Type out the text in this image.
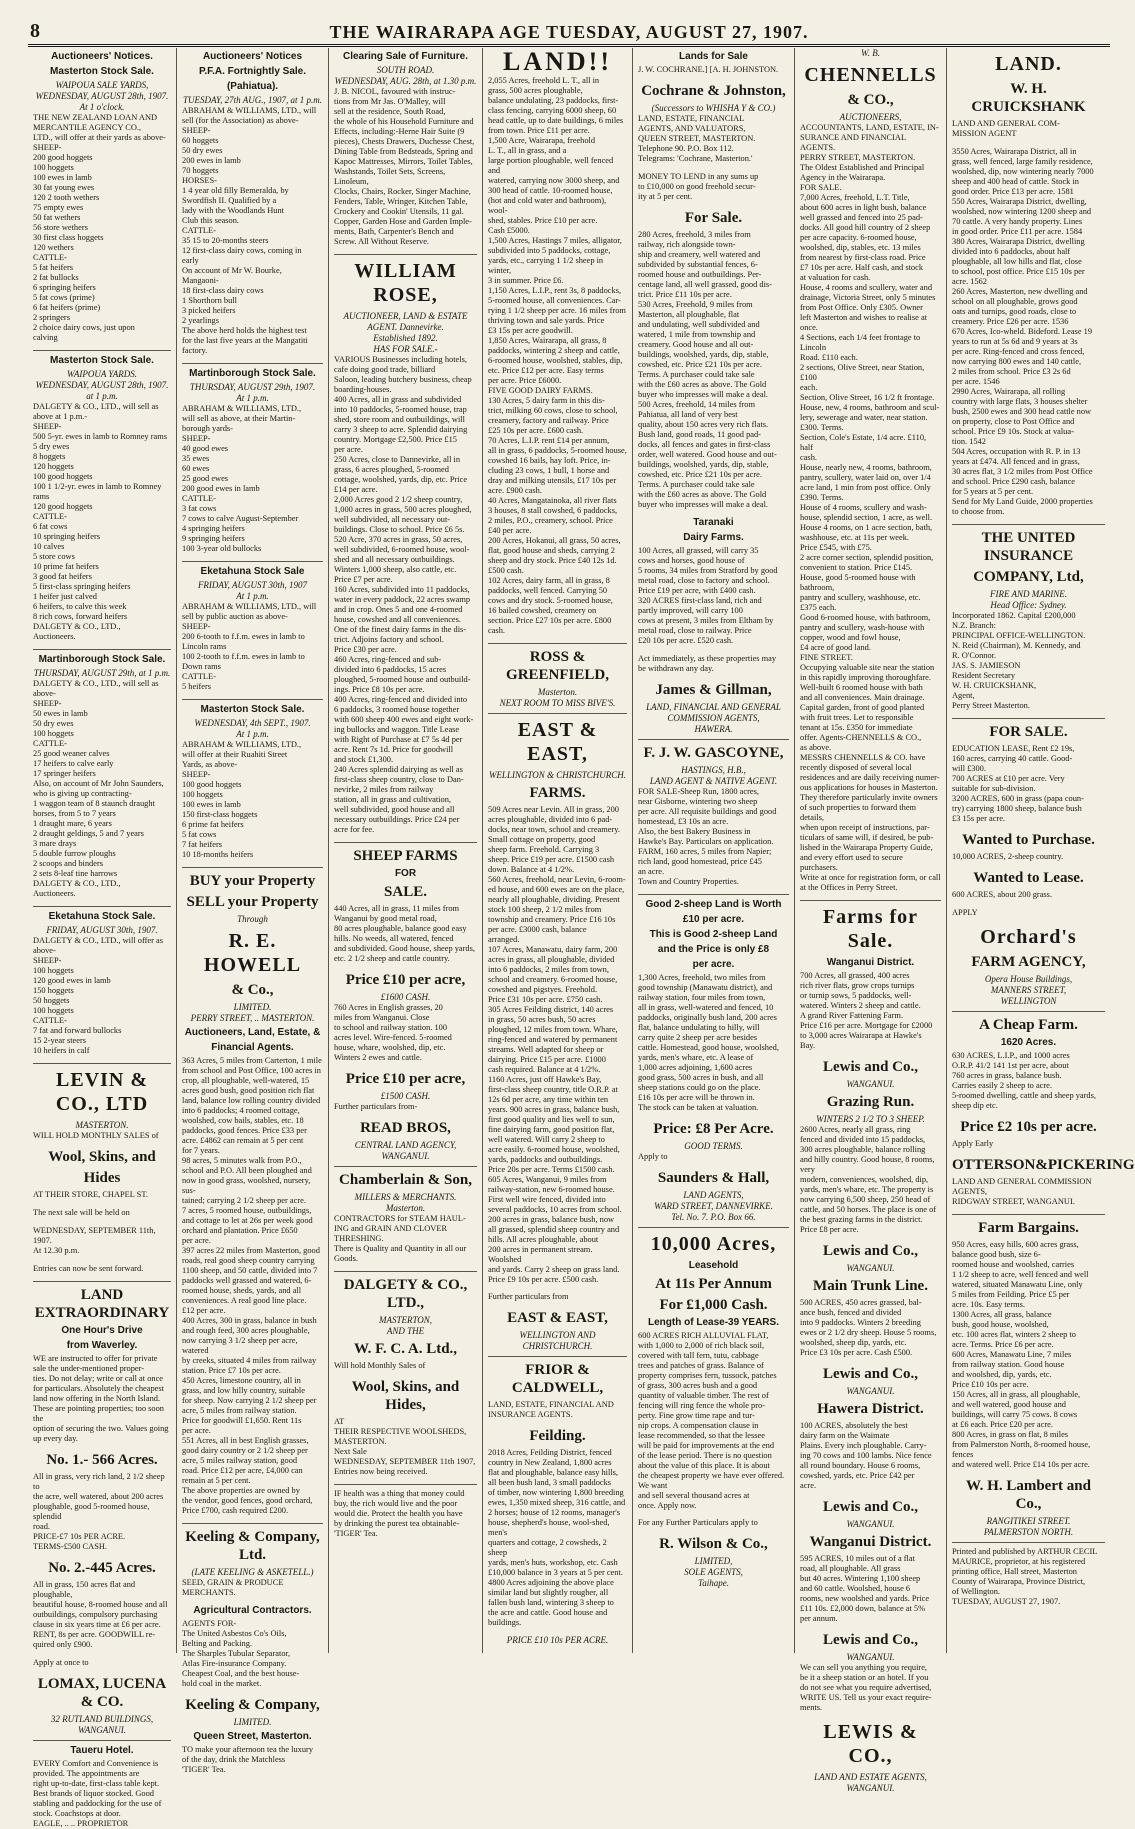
8	THE WAIRARAPA AGE TUESDAY, AUGUST 27, 1907.
Auctioneers' Notices.
Masterton Stock Sale.
WAIPOUA SALE YARDS,
WEDNESDAY, AUGUST 28th, 1907.
At 1 o'clock.
THE NEW ZEALAND LOAN AND
MERCANTILE AGENCY CO.,
LTD., will offer at their yards as above-
SHEEP-
200 good hoggets
100 hoggets
100 ewes in lamb
30 fat young ewes
120 2 tooth wethers
75 empty ewes
50 fat wethers
56 store wethers
30 first class hoggets
120 wethers
CATTLE-
5 fat heifers
2 fat bullocks
6 springing heifers
5 fat cows (prime)
6 fat heifers (prime)
2 springers
2 choice dairy cows, just upon
calving
Masterton Stock Sale.
WAIPOUA YARDS.
WEDNESDAY, AUGUST 28th, 1907.
at 1 p.m.
DALGETY & CO., LTD., will sell as
above at 1 p.m.-
SHEEP-
500 5-yr. ewes in lamb to Romney rams
5 dry ewes
8 hoggets
120 hoggets
100 good hoggets
100 1 1/2-yr. ewes in lamb to Romney
rams
120 good hoggets
CATTLE-
6 fat cows
10 springing heifers
10 calves
5 store cows
10 prime fat heifers
3 good fat heifers
5 first-class springing heifers
1 heifer just calved
6 heifers, to calve this week
8 rich cows, forward heifers
DALGETY & CO., LTD.,
Auctioneers.
Martinborough Stock Sale.
THURSDAY, AUGUST 29th, at 1 p.m.
DALGETY & CO., LTD., will sell as
above-
SHEEP-
50 ewes in lamb
50 dry ewes
100 hoggets
CATTLE-
25 good weaner calves
17 heifers to calve early
17 springer heifers
Also, on account of Mr John Saunders,
who is giving up contracting-
1 waggon team of 8 staunch draught
horses, from 5 to 7 years
1 draught mare, 6 years
2 draught geldings, 5 and 7 years
3 mare drays
5 double furrow ploughs
2 scoops and binders
2 sets 8-leaf tine harrows
DALGETY & CO., LTD.,
Auctioneers.
Eketahuna Stock Sale.
FRIDAY, AUGUST 30th, 1907.
DALGETY & CO., LTD., will offer as
above-
SHEEP-
100 hoggets
120 good ewes in lamb
150 hoggets
50 hoggets
100 hoggets
CATTLE-
7 fat and forward bullocks
15 2-year steers
10 heifers in calf
LEVIN & CO., LTD
MASTERTON.
WILL HOLD MONTHLY SALES of
Wool, Skins, and
Hides
AT THEIR STORE, CHAPEL ST.
The next sale will be held on
WEDNESDAY, SEPTEMBER 11th, 1907.
At 12.30 p.m.
Entries can now be sent forward.
LAND EXTRAORDINARY
One Hour's Drive
from Waverley.
WE are instructed to offer for private
sale the under-mentioned proper-
ties. Do not delay; write or call at once
for particulars. Absolutely the cheapest
land now offering in the North Island.
These are pointing properties; too soon the
option of securing the two. Values going
up every day.
No. 1.- 566 Acres.
All in grass, very rich land, 2 1/2 sheep to
the acre, well watered, about 200 acres
ploughable, good 5-roomed house, splendid
road.
PRICE-£7 10s PER ACRE.
TERMS-£500 CASH.
No. 2.-445 Acres.
All in grass, 150 acres flat and ploughable,
beautiful house, 8-roomed house and all
outbuildings, compulsory purchasing
clause in six years time at £6 per acre.
RENT, 8s per acre. GOODWILL re-
quired only £900.
Apply at once to
LOMAX, LUCENA & CO.
32 RUTLAND BUILDINGS,
WANGANUI.
Taueru Hotel.
EVERY Comfort and Convenience is
provided. The appointments are
right up-to-date, first-class table kept.
Best brands of liquor stocked. Good
stabling and paddocking for the use of
stock. Coachstops at door.
EAGLE, .. .. PROPRIETOR
Auctioneers' Notices
P.F.A. Fortnightly Sale.
(Pahiatua).
TUESDAY, 27th AUG., 1907, at 1 p.m.
ABRAHAM & WILLIAMS, LTD., will
sell (for the Association) as above-
SHEEP-
60 hoggets
50 dry ewes
200 ewes in lamb
70 hoggets
HORSES-
1 4 year old filly Bemeralda, by
Swordfish II. Qualified by a
lady with the Woodlands Hunt
Club this season.
CATTLE-
35 15 to 20-months steers
12 first-class dairy cows, coming in
early
On account of Mr W. Bourke,
Mangaoni-
18 first-class dairy cows
1 Shorthorn bull
3 picked heifers
2 yearlings
The above herd holds the highest test
for the last five years at the Mangatiti
factory.
Martinborough Stock Sale.
THURSDAY, AUGUST 29th, 1907.
At 1 p.m.
ABRAHAM & WILLIAMS, LTD.,
will sell as above, at their Martin-
borough yards-
SHEEP-
40 good ewes
35 ewes
60 ewes
25 good ewes
200 good ewes in lamb
CATTLE-
3 fat cows
7 cows to calve August-September
4 springing heifers
9 springing heifers
100 3-year old bullocks
Eketahuna Stock Sale
FRIDAY, AUGUST 30th, 1907
At 1 p.m.
ABRAHAM & WILLIAMS, LTD., will
sell by public auction as above-
SHEEP-
200 6-tooth to f.f.m. ewes in lamb to
Lincoln rams
100 2-tooth to f.f.m. ewes in lamb to
Down rams
CATTLE-
5 heifers
Masterton Stock Sale.
WEDNESDAY, 4th SEPT., 1907.
At 1 p.m.
ABRAHAM & WILLIAMS, LTD.,
will offer at their Ruahiti Street
Yards, as above-
SHEEP-
100 good hoggets
100 hoggets
100 ewes in lamb
150 first-class hoggets
6 prime fat heifers
5 fat cows
7 fat heifers
10 18-months heifers
BUY your Property
SELL your Property
Through
R. E. HOWELL
& Co.,
LIMITED.
PERRY STREET, .. MASTERTON.
Auctioneers, Land, Estate, &
Financial Agents.
363 Acres, 5 miles from Carterton, 1 mile
from school and Post Office, 100 acres in
crop, all ploughable, well-watered, 15
acres good bush, good position rich flat
land, balance low rolling country divided
into 6 paddocks; 4 roomed cottage,
woolshed, cow bails, stables, etc. 18
paddocks, good fences. Price £33 per
acre. £4862 can remain at 5 per cent
for 7 years.
98 acres, 5 minutes walk from P.O.,
school and P.O. All been ploughed and
now in good grass, woolshed, nursery, sus-
tained; carrying 2 1/2 sheep per acre.
7 acres, 5 roomed house, outbuildings,
and cottage to let at 26s per week good
orchard and plantation. Price £650
per acre.
397 acres 22 miles from Masterton, good
roads, real good sheep country carrying
1100 sheep, and 50 cattle, divided into 7
paddocks well grassed and watered, 6-
roomed house, sheds, yards, and all
conveniences. A real good line place.
£12 per acre.
400 Acres, 300 in grass, balance in bush
and rough feed, 300 acres ploughable,
now carrying 3 1/2 sheep per acre, watered
by creeks, situated 4 miles from railway
station. Price £7 10s per acre.
450 Acres, limestone country, all in
grass, and low hilly country, suitable
for sheep. Now carrying 2 1/2 sheep per
acre, 5 miles from railway station.
Price for goodwill £1,650. Rent 11s
per acre.
551 Acres, all in best English grasses,
good dairy country or 2 1/2 sheep per
acre, 5 miles railway station, good
road. Price £12 per acre, £4,000 can
remain at 5 per cent.
The above properties are owned by
the vendor, good fences, good orchard,
Price £700, cash required £200.
Keeling & Company, Ltd.
(LATE KEELING & ASKETELL.)
SEED, GRAIN & PRODUCE
MERCHANTS.
Agricultural Contractors.
AGENTS FOR-
The United Asbestos Co's Oils,
Belting and Packing.
The Sharples Tubular Separator,
Atlas Fire-insurance Company.
Cheapest Coal, and the best house-
hold coal in the market.
Keeling & Company,
LIMITED.
Queen Street, Masterton.
TO make your afternoon tea the luxury
of the day, drink the Matchless
'TIGER' Tea.
Clearing Sale of Furniture.
SOUTH ROAD.
WEDNESDAY, AUG. 28th, at 1.30 p.m.
J. B. NICOL, favoured with instruc-
tions from Mr Jas. O'Malley, will
sell at the residence, South Road,
the whole of his Household Furniture and
Effects, including:-Herne Hair Suite (9
pieces), Chests Drawers, Duchesse Chest,
Dining Table from Bedsteads, Spring and
Kapoc Mattresses, Mirrors, Toilet Tables,
Washstands, Toilet Sets, Screens, Linoleum,
Clocks, Chairs, Rocker, Singer Machine,
Fenders, Table, Wringer, Kitchen Table,
Crockery and Cookin' Utensils, 11 gal.
Copper, Garden Hose and Garden Imple-
ments, Bath, Carpenter's Bench and
Screw. All Without Reserve.
WILLIAM ROSE,
AUCTIONEER, LAND & ESTATE
AGENT. Dannevirke.
Established 1892.
HAS FOR SALE.-
VARIOUS Businesses including hotels,
cafe doing good trade, billiard
Saloon, leading butchery business, cheap
boarding-houses.
400 Acres, all in grass and subdivided
into 10 paddocks, 5-roomed house, trap
shed, store room and outbuildings, will
carry 3 sheep to acre. Splendid dairying
country. Mortgage £2,500. Price £15
per acre.
250 Acres, close to Dannevirke, all in
grass, 6 acres ploughed, 5-roomed
cottage, woolshed, yards, dip, etc. Price
£14 per acre.
2,000 Acres good 2 1/2 sheep country,
1,000 acres in grass, 500 acres ploughed,
well subdivided, all necessary out-
buildings. Close to school. Price £6 5s.
520 Acre, 370 acres in grass, 50 acres,
well subdivided, 6-roomed house, wool-
shed and all necessary outbuildings.
Winters 1,000 sheep, also cattle, etc.
Price £7 per acre.
160 Acres, subdivided into 11 paddocks,
water in every paddock, 22 acres swamp
and in crop. Ones 5 and one 4-roomed
house, cowshed and all conveniences.
One of the finest dairy farms in the dis-
trict. Adjoins factory and school.
Price £30 per acre.
460 Acres, ring-fenced and sub-
divided into 6 paddocks, 15 acres
ploughed, 5-roomed house and outbuild-
ings. Price £8 10s per acre.
400 Acres, ring-fenced and divided into
6 paddocks, 3 roomed house together
with 600 sheep 400 ewes and eight work-
ing bullocks and waggon. Title Lease
with Right of Purchase at £7 5s 4d per
acre. Rent 7s 1d. Price for goodwill
and stock £1,300.
240 Acres splendid dairying as well as
first-class sheep country, close to Dan-
nevirke, 2 miles from railway
station, all in grass and cultivation,
well subdivided, good house and all
necessary outbuildings. Price £24 per
acre for fee.
SHEEP FARMS
FOR
SALE.
440 Acres, all in grass, 11 miles from
Wanganui by good metal road,
80 acres ploughable, balance good easy
hills. No weeds, all watered, fenced
and subdivided. Good house, sheep yards,
etc. 2 1/2 sheep and cattle country.
Price £10 per acre,
£1600 CASH.
760 Acres in English grasses, 20
miles from Wanganui. Close
to school and railway station. 100
acres level. Wire-fenced. 5-roomed
house, whare, woolshed, dip, etc.
Winters 2 ewes and cattle.
Price £10 per acre,
£1500 CASH.
Further particulars from-
READ BROS,
CENTRAL LAND AGENCY,
WANGANUI.
Chamberlain & Son,
MILLERS & MERCHANTS.
Masterton.
CONTRACTORS for STEAM HAUL-
ING and GRAIN AND CLOVER
THRESHING.
There is Quality and Quantity in all our
Goods.
DALGETY & CO., LTD.,
MASTERTON,
AND THE
W. F. C. A. Ltd.,
Will hold Monthly Sales of
Wool, Skins, and Hides,
AT
THEIR RESPECTIVE WOOLSHEDS,
MASTERTON.
Next Sale
WEDNESDAY, SEPTEMBER 11th 1907,
Entries now being received.
IF health was a thing that money could
buy, the rich would live and the poor
would die. Protect the health you have
by drinking the purest tea obtainable-
'TIGER' Tea.
LAND!!
2,055 Acres, freehold L. T., all in
grass, 500 acres ploughable,
balance undulating, 23 paddocks, first-
class fencing, carrying 6000 sheep, 60
head cattle, up to date buildings, 6 miles
from town. Price £11 per acre.
1,500 Acre, Wairarapa, freehold
L. T., all in grass, and a
large portion ploughable, well fenced and
watered, carrying now 3000 sheep, and
300 head of cattle. 10-roomed house,
(hot and cold water and bathroom), wool-
shed, stables. Price £10 per acre.
Cash £5000.
1,500 Acres, Hastings 7 miles, alligator,
subdivided into 5 paddocks, cottage,
yards, etc., carrying 1 1/2 sheep in winter,
3 in summer. Price £6.
1,150 Acres, L.I.P., rent 3s, 8 paddocks,
5-roomed house, all conveniences. Car-
rying 1 1/2 sheep per acre. 16 miles from
thriving town and sale yards. Price
£3 15s per acre goodwill.
1,850 Acres, Wairarapa, all grass, 8
paddocks, wintering 2 sheep and cattle,
6-roomed house, woolshed, stables, dip,
etc. Price £12 per acre. Easy terms
per acre. Price £6000.
FIVE GOOD DAIRY FARMS.
130 Acres, 5 dairy farm in this dis-
trict, milking 60 cows, close to school,
creamery, factory and railway. Price
£25 10s per acre. £600 cash.
70 Acres, L.I.P. rent £14 per annum,
all in grass, 6 paddocks, 5-roomed house,
cowshed 16 bails, hay loft. Price, in-
cluding 23 cows, 1 bull, 1 horse and
dray and milking utensils, £17 10s per
acre. £900 cash.
40 Acres, Mangatainoka, all river flats
3 houses, 8 stall cowshed, 6 paddocks,
2 miles, P.O., creamery, school. Price
£40 per acre.
200 Acres, Hokanui, all grass, 50 acres,
flat, good house and sheds, carrying 2
sheep and dry stock. Price £40 12s 1d.
£500 cash.
102 Acres, dairy farm, all in grass, 8
paddocks, well fenced. Carrying 50
cows and dry stock. 5-roomed house,
16 bailed cowshed, creamery on
section. Price £27 10s per acre. £800 cash.
ROSS & GREENFIELD,
Masterton.
NEXT ROOM TO MISS BIVE'S.
EAST & EAST,
WELLINGTON & CHRISTCHURCH.
FARMS.
509 Acres near Levin. All in grass, 200
acres ploughable, divided into 6 pad-
docks, near town, school and creamery.
Small cottage on property, good
sheep farm. Freehold. Carrying 3
sheep. Price £19 per acre. £1500 cash
down. Balance at 4 1/2%.
560 Acres, freehold, near Levin, 6-room-
ed house, and 600 ewes are on the place,
nearly all ploughable, dividing. Present
stock 100 sheep, 2 1/2 miles from
township and creamery. Price £16 10s
per acre. £3000 cash, balance
arranged.
107 Acres, Manawatu, dairy farm, 200
acres in grass, all ploughable, divided
into 6 paddocks, 2 miles from town,
school and creamery. 6-roomed house,
cowshed and pigstyes. Freehold.
Price £31 10s per acre. £750 cash.
305 Acres Feilding district, 140 acres
in grass, 50 acres bush, 50 acres
ploughed, 12 miles from town. Whare,
ring-fenced and watered by permanent
streams. Well adapted for sheep or
dairying. Price £15 per acre. £1000
cash required. Balance at 4 1/2%.
1160 Acres, just off Hawke's Bay,
first-class sheep country, title O.R.P. at
12s 6d per acre, any time within ten
years. 900 acres in grass, balance bush,
first good quality and lies well to sun,
fine dairying farm, good position flat,
well watered. Will carry 2 sheep to
acre easily. 6-roomed house, woolshed,
yards, paddocks and outbuildings.
Price 20s per acre. Terms £1500 cash.
605 Acres, Wanganui, 9 miles from
railway-station, new 6-roomed house.
First well wire fenced, divided into
several paddocks, 10 acres from school.
200 acres in grass, balance bush, now
all grassed, splendid sheep country and
hills. All acres ploughable, about
200 acres in permanent stream. Woolshed
and yards. Carry 2 sheep on grass land.
Price £9 10s per acre. £500 cash.
Further particulars from
EAST & EAST,
WELLINGTON AND CHRISTCHURCH.
FRIOR & CALDWELL,
LAND, ESTATE, FINANCIAL AND
INSURANCE AGENTS.
Feilding.
2018 Acres, Feilding District, fenced
country in New Zealand, 1,800 acres
flat and ploughable, balance easy hills,
all been bush land, 3 small paddocks
of timber, now wintering 1,800 breeding
ewes, 1,350 mixed sheep, 316 cattle, and
2 horses; house of 12 rooms, manager's
house, shepherd's house, wool-shed, men's
quarters and cottage, 2 cowsheds, 2 sheep
yards, men's huts, workshop, etc. Cash
£10,000 balance in 3 years at 5 per cent.
4800 Acres adjoining the above place
similar land but slightly rougher, all
fallen bush land, wintering 3 sheep to
the acre and cattle. Good house and
buildings.
PRICE £10 10s PER ACRE.
Lands for Sale
J. W. COCHRANE.] [A. H. JOHNSTON.
Cochrane & Johnston,
(Successors to WHISHA Y & CO.)
LAND, ESTATE, FINANCIAL
AGENTS, AND VALUATORS,
QUEEN STREET, MASTERTON.
Telephone 90. P.O. Box 112.
Telegrams: 'Cochrane, Masterton.'
MONEY TO LEND in any sums up
to £10,000 on good freehold secur-
ity at 5 per cent.
For Sale.
280 Acres, freehold, 3 miles from
railway, rich alongside town-
ship and creamery, well watered and
subdivided by substantial fences, 6-
roomed house and outbuildings. Per-
centage land, all well grassed, good dis-
trict. Price £11 10s per acre.
530 Acres, Freehold, 9 miles from
Masterton, all ploughable, flat
and undulating, well subdivided and
watered, 1 mile from township and
creamery. Good house and all out-
buildings, woolshed, yards, dip, stable,
cowshed, etc. Price £21 10s per acre.
Terms. A purchaser could take sale
with the £60 acres as above. The Gold
buyer who impresses will make a deal.
500 Acres, freehold, 14 miles from
Pahiatua, all land of very best
quality, about 150 acres very rich flats.
Bush land, good roads, 11 good pad-
docks, all fences and gates in first-class
order, well watered. Good house and out-
buildings, woolshed, yards, dip, stable,
cowshed, etc. Price £21 10s per acre.
Terms. A purchaser could take sale
with the £60 acres as above. The Gold
buyer who impresses will make a deal.
Taranaki
Dairy Farms.
100 Acres, all grassed, will carry 35
cows and horses, good house of
5 rooms, 34 miles from Stratford by good
metal road, close to factory and school.
Price £19 per acre, with £400 cash.
320 ACRES first-class land, rich and
partly improved, will carry 100
cows at present, 3 miles from Eltham by
metal road, close to railway. Price
£20 10s per acre. £520 cash.
Act immediately, as these properties may
be withdrawn any day.
James & Gillman,
LAND, FINANCIAL AND GENERAL
COMMISSION AGENTS,
HAWERA.
F. J. W. GASCOYNE,
HASTINGS, H.B.,
LAND AGENT & NATIVE AGENT.
FOR SALE-Sheep Run, 1800 acres,
near Gisborne, wintering two sheep
per acre. All requisite buildings and good
homestead, £3 10s an acre.
Also, the best Bakery Business in
Hawke's Bay. Particulars on application.
FARM, 160 acres, 5 miles from Napier;
rich land, good homestead, price £45
an acre.
Town and Country Properties.
Good 2-sheep Land is Worth
£10 per acre.
This is Good 2-sheep Land
and the Price is only £8
per acre.
1,300 Acres, freehold, two miles from
good township (Manawatu district), and
railway station, four miles from town,
all in grass, well-watered and fenced, 10
paddocks, originally bush land, 200 acres
flat, balance undulating to hilly, will
carry quite 2 sheep per acre besides
cattle. Homestead, good house, woolshed,
yards, men's whare, etc. A lease of
1,000 acres adjoining, 1,600 acres
good grass, 500 acres in bush, and all
sheep stations could go on the place.
£16 10s per acre will be thrown in.
The stock can be taken at valuation.
Price: £8 Per Acre.
GOOD TERMS.
Apply to
Saunders & Hall,
LAND AGENTS,
WARD STREET, DANNEVIRKE.
Tel. No. 7. P.O. Box 66.
10,000 Acres,
Leasehold
At 11s Per Annum
For £1,000 Cash.
Length of Lease-39 YEARS.
600 ACRES RICH ALLUVIAL FLAT,
with 1,000 to 2,000 of rich black soil,
covered with tall fern, tutu, cabbage
trees and patches of grass. Balance of
property comprises fern, tussock, patches
of grass, 300 acres bush and a good
quantity of valuable timber. The rest of
fencing will ring fence the whole pro-
perty. Fine grow time rape and tur-
nip crops. A compensation clause in
lease recommended, so that the lessee
will be paid for improvements at the end
of the lease period. There is no question
about the value of this place. It is about
the cheapest property we have ever offered. We want
and sell several thousand acres at
once. Apply now.
For any Further Particulars apply to
R. Wilson & Co.,
LIMITED,
SOLE AGENTS,
Taihape.
W. B.
CHENNELLS
& CO.,
AUCTIONEERS,
ACCOUNTANTS, LAND, ESTATE, IN-
SURANCE AND FINANCIAL AGENTS.
PERRY STREET, MASTERTON.
The Oldest Established and Principal
Agency in the Wairarapa.
FOR SALE.
7,000 Acres, freehold, L.T. Title,
about 600 acres in light bush, balance
well grassed and fenced into 25 pad-
docks. All good hill country of 2 sheep
per acre capacity. 6-roomed house,
woolshed, dip, stables, etc. 13 miles
from nearest by first-class road. Price
£7 10s per acre. Half cash, and stock
at valuation for cash.
House, 4 rooms and scullery, water and
drainage, Victoria Street, only 5 minutes
from Post Office. Only £305. Owner
left Masterton and wishes to realise at
once.
4 Sections, each 1/4 feet frontage to Lincoln
Road. £110 each.
2 sections, Olive Street, near Station, £100
each.
Section, Olive Street, 16 1/2 ft frontage.
House, new, 4 rooms, bathroom and scul-
lery, sewerage and water, near station.
£300. Terms.
Section, Cole's Estate, 1/4 acre. £110, half
cash.
House, nearly new, 4 rooms, bathroom,
pantry, scullery, water laid on, over 1/4
acre land, 1 min from post office. Only
£390. Terms.
House of 4 rooms, scullery and wash-
house, splendid section, 1 acre, as well.
House 4 rooms, on 1 acre section, bath,
washhouse, etc. at 11s per week.
Price £545, with £75.
2 acre corner section, splendid position,
convenient to station. Price £145.
House, good 5-roomed house with bathroom,
pantry and scullery, washhouse, etc.
£375 each.
Good 6-roomed house, with bathroom,
pantry and scullery, wash-house with
copper, wood and fowl house,
£4 acre of good land.
FINE STREET.
Occupying valuable site near the station
in this rapidly improving thoroughfare.
Well-built 6 roomed house with bath
and all conveniences. Main drainage.
Capital garden, front of good planted
with fruit trees. Let to responsible
tenant at 15s. £350 for immediate
offer. Agents-CHENNELLS & CO.,
as above.
MESSRS CHENNELLS & CO. have
recently disposed of several local
residences and are daily receiving numer-
ous applications for houses in Masterton.
They therefore particularly invite owners
of such properties to forward them details,
when upon receipt of instructions, par-
ticulars of same will, if desired, be pub-
lished in the Wairarapa Property Guide,
and every effort used to secure purchasers.
Write at once for registration form, or call
at the Offices in Perry Street.
Farms for Sale.
Wanganui District.
700 Acres, all grassed, 400 acres
rich river flats, grow crops turnips
or turnip sows, 5 paddocks, well-
watered. Winters 2 sheep and cattle.
A grand River Fattening Farm.
Price £16 per acre. Mortgage for £2000
to 3,000 acres Wairarapa at Hawke's
Bay.
Lewis and Co.,
WANGANUI.
Grazing Run.
WINTERS 2 1/2 TO 3 SHEEP.
2600 Acres, nearly all grass, ring
fenced and divided into 15 paddocks,
300 acres ploughable, balance rolling
and hilly country. Good house, 8 rooms, very
modern, conveniences, woolshed, dip,
yards, men's whare, etc. The property is
now carrying 6,500 sheep, 250 head of
cattle, and 50 horses. The place is one of
the best grazing farms in the district.
Price £8 per acre.
Lewis and Co.,
WANGANUI.
Main Trunk Line.
500 ACRES, 450 acres grassed, bal-
ance bush, fenced and divided
into 9 paddocks. Winters 2 breeding
ewes or 2 1/2 dry sheep. House 5 rooms,
woolshed, sheep dip, yards, etc.
Price £3 10s per acre. Cash £500.
Lewis and Co.,
WANGANUI.
Hawera District.
100 ACRES, absolutely the best
dairy farm on the Waimate
Plains. Every inch ploughable. Carry-
ing 70 cows and 100 lambs. Nice fence
all round boundary. House 6 rooms,
cowshed, yards, etc. Price £42 per
acre.
Lewis and Co.,
WANGANUI.
Wanganui District.
595 ACRES, 10 miles out of a flat
road, all ploughable. All grass
but 40 acres. Wintering 1,100 sheep
and 60 cattle. Woolshed, house 6
rooms, new woolshed and yards. Price
£11 10s. £2,000 down, balance at 5%
per annum.
Lewis and Co.,
WANGANUI.
We can sell you anything you require,
be it a sheep station or an hotel. If you
do not see what you require advertised,
WRITE US. Tell us your exact require-
ments.
LEWIS & CO.,
LAND AND ESTATE AGENTS,
WANGANUI.
LAND.
W. H. CRUICKSHANK
LAND AND GENERAL COM-
MISSION AGENT
3550 Acres, Wairarapa District, all in
grass, well fenced, large family residence,
woolshed, dip, now wintering nearly 7000
sheep and 400 head of cattle. Stock in
good order. Price £13 per acre. 1581
550 Acres, Wairarapa District, dwelling,
woolshed, now wintering 1200 sheep and
70 cattle. A very handy property. Lines
in good order. Price £11 per acre. 1584
380 Acres, Wairarapa District, dwelling
divided into 6 paddocks, about half
ploughable, all low hills and flat, close
to school, post office. Price £15 10s per
acre. 1562
260 Acres, Masterton, new dwelling and
school on all ploughable, grows good
oats and turnips, good roads, close to
creamery. Price £26 per acre. 1536
670 Acres, Ico-wheld. Bideford. Lease 19
years to run at 5s 6d and 9 years at 3s
per acre. Ring-fenced and cross fenced,
now carrying 800 ewes and 140 cattle,
2 miles from school. Price £3 2s 6d
per acre. 1546
2990 Acres, Wairarapa, all rolling
country with large flats, 3 houses shelter
bush, 2500 ewes and 300 head cattle now
on property, close to Post Office and
school. Price £9 10s. Stock at valua-
tion. 1542
504 Acres, occupation with R. P. in 13
years at £474. All fenced and in grass,
30 acres flat, 3 1/2 miles from Post Office
and school. Price £290 cash, balance
for 5 years at 5 per cent.
Send for My Land Guide, 2000 properties
to choose from.
THE UNITED INSURANCE
COMPANY, Ltd,
FIRE AND MARINE.
Head Office: Sydney.
Incorporated 1862. Capital £200,000
N.Z. Branch:
PRINCIPAL OFFICE-WELLINGTON.
N. Reid (Chairman), M. Kennedy, and
R. O'Connor.
JAS. S. JAMIESON
Resident Secretary
W. H. CRUICKSHANK,
Agent,
Perry Street Masterton.
FOR SALE.
EDUCATION LEASE, Rent £2 19s,
160 acres, carrying 40 cattle. Good-
will £300.
700 ACRES at £10 per acre. Very
suitable for sub-division.
3200 ACRES, 600 in grass (papa coun-
try) carrying 1800 sheep, balance bush
£3 15s per acre.
Wanted to Purchase.
10,000 ACRES, 2-sheep country.
Wanted to Lease.
600 ACRES, about 200 grass.
APPLY
Orchard's
FARM AGENCY,
Opera House Buildings,
MANNERS STREET,
WELLINGTON
A Cheap Farm.
1620 Acres.
630 ACRES, L.I.P., and 1000 acres
O.R.P. 41/2 141 1st per acre, about
760 acres in grass, balance bush.
Carries easily 2 sheep to acre.
5-roomed dwelling, cattle and sheep yards,
sheep dip etc.
Price £2 10s per acre.
Apply Early
OTTERSON&PICKERING
LAND AND GENERAL COMMISSION
AGENTS,
RIDGWAY STREET, WANGANUI.
Farm Bargains.
950 Acres, easy hills, 600 acres grass,
balance good bush, size 6-
roomed house and woolshed, carries
1 1/2 sheep to acre, well fenced and well
watered, situated Manawatu Line, only
5 miles from Feilding. Price £5 per
acre. 10s. Easy terms.
1300 Acres, all grass, balance
bush, good house, woolshed,
etc. 100 acres flat, winters 2 sheep to
acre. Terms. Price £6 per acre.
600 Acres, Manawatu Line, 7 miles
from railway station. Good house
and woolshed, dip, yards, etc.
Price £10 10s per acre.
150 Acres, all in grass, all ploughable,
and well watered, good house and
buildings, will carry 75 cows. 8 cows
at £6 each. Price £20 per acre.
800 Acres, in grass on flat, 8 miles
from Palmerston North, 8-roomed house, fences
and watered well. Price £14 10s per acre.
W. H. Lambert and Co.,
RANGITIKEI STREET.
PALMERSTON NORTH.
Printed and published by ARTHUR CECIL
MAURICE, proprietor, at his registered
printing office, Hall street, Masterton
County of Wairarapa, Province District,
of Wellington.
TUESDAY, AUGUST 27, 1907.
